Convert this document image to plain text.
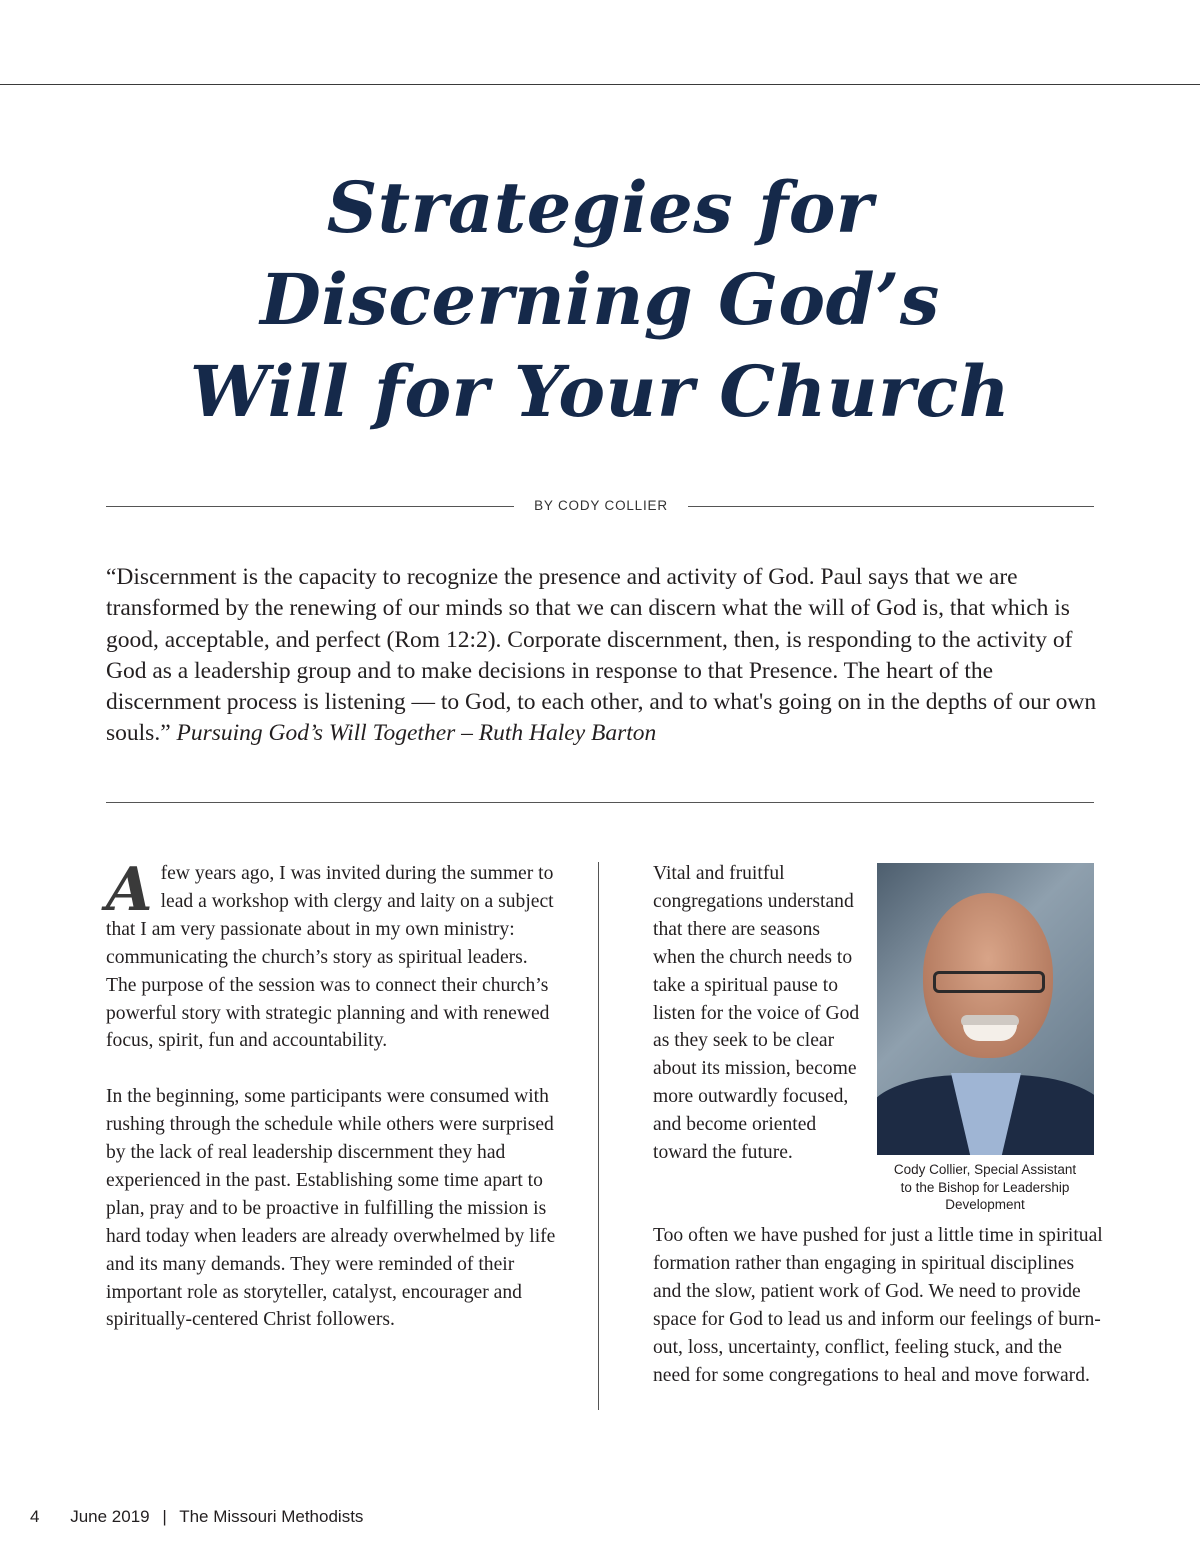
Strategies for
Discerning God’s
Will for Your Church
BY CODY COLLIER
“Discernment is the capacity to recognize the presence and activity of God. Paul says that we are transformed by the renewing of our minds so that we can discern what the will of God is, that which is good, acceptable, and perfect (Rom 12:2). Corporate discernment, then, is responding to the activity of God as a leadership group and to make decisions in response to that Presence. The heart of the discernment process is listening — to God, to each other, and to what's going on in the depths of our own souls.” Pursuing God’s Will Together – Ruth Haley Barton

Afew years ago, I was invited during the summer to lead a workshop with clergy and laity on a subject that I am very passionate about in my own ministry: communicating the church’s story as spiritual leaders. The purpose of the session was to connect their church’s powerful story with strategic planning and with renewed focus, spirit, fun and accountability.

In the beginning, some participants were consumed with rushing through the schedule while others were surprised by the lack of real leadership discernment they had experienced in the past. Establishing some time apart to plan, pray and to be proactive in fulfilling the mission is hard today when leaders are already overwhelmed by life and its many demands. They were reminded of their important role as storyteller, catalyst, encourager and spiritually-centered Christ followers.

Vital and fruitful congregations understand that there are seasons when the church needs to take a spiritual pause to listen for the voice of God as they seek to be clear about its mission, become more outwardly focused, and become oriented toward the future.

Cody Collier, Special Assistant
to the Bishop for Leadership
Development

Too often we have pushed for just a little time in spiritual formation rather than engaging in spiritual disciplines and the slow, patient work of God. We need to provide space for God to lead us and inform our feelings of burn-out, loss, uncertainty, conflict, feeling stuck, and the need for some congregations to heal and move forward.

4 June 2019 | The Missouri Methodists
